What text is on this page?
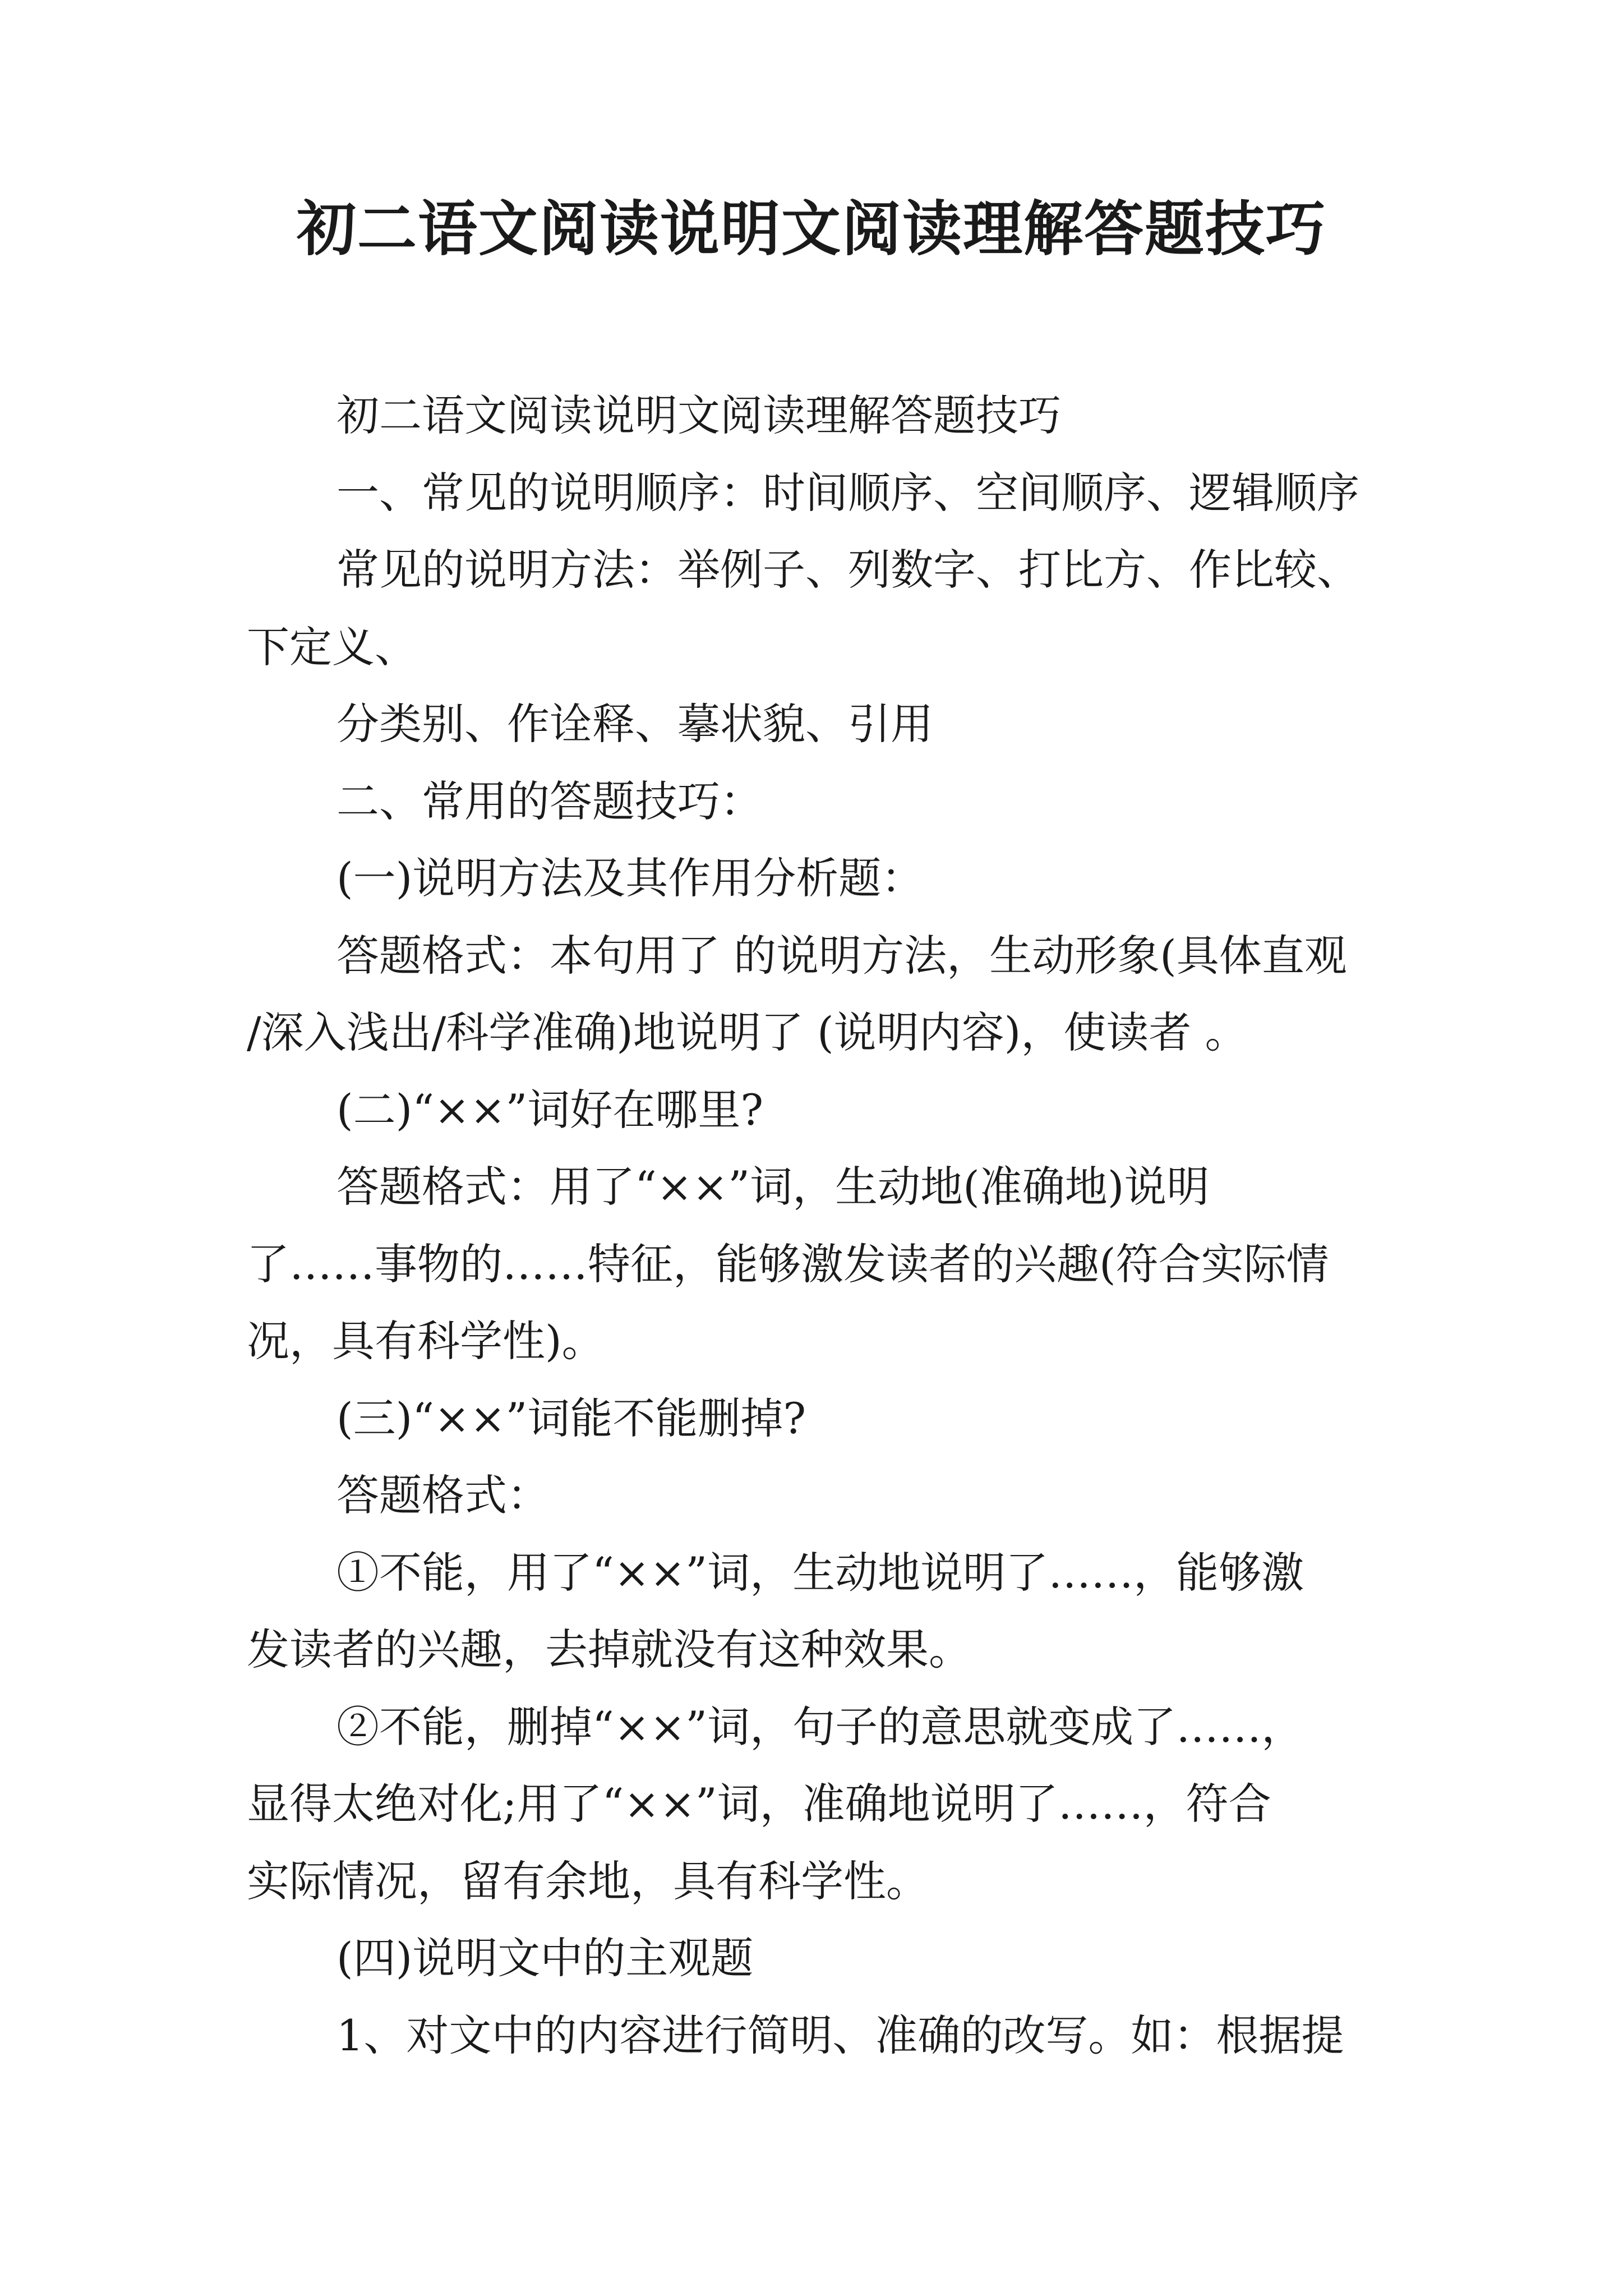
初二语文阅读说明文阅读理解答题技巧
初二语文阅读说明文阅读理解答题技巧
一、常见的说明顺序：时间顺序、空间顺序、逻辑顺序
常见的说明方法：举例子、列数字、打比方、作比较、
下定义、
分类别、作诠释、摹状貌、引用
二、常用的答题技巧：
(一)说明方法及其作用分析题：
答题格式：本句用了 的说明方法，生动形象(具体直观
/深入浅出/科学准确)地说明了 (说明内容)，使读者 。
(二)“××”词好在哪里?
答题格式：用了“××”词，生动地(准确地)说明
了……事物的……特征，能够激发读者的兴趣(符合实际情
况，具有科学性)。
(三)“××”词能不能删掉?
答题格式：
①不能，用了“××”词，生动地说明了……，能够激
发读者的兴趣，去掉就没有这种效果。
②不能，删掉“××”词，句子的意思就变成了……，
显得太绝对化;用了“××”词，准确地说明了……，符合
实际情况，留有余地，具有科学性。
(四)说明文中的主观题
1、对文中的内容进行简明、准确的改写。如：根据提
